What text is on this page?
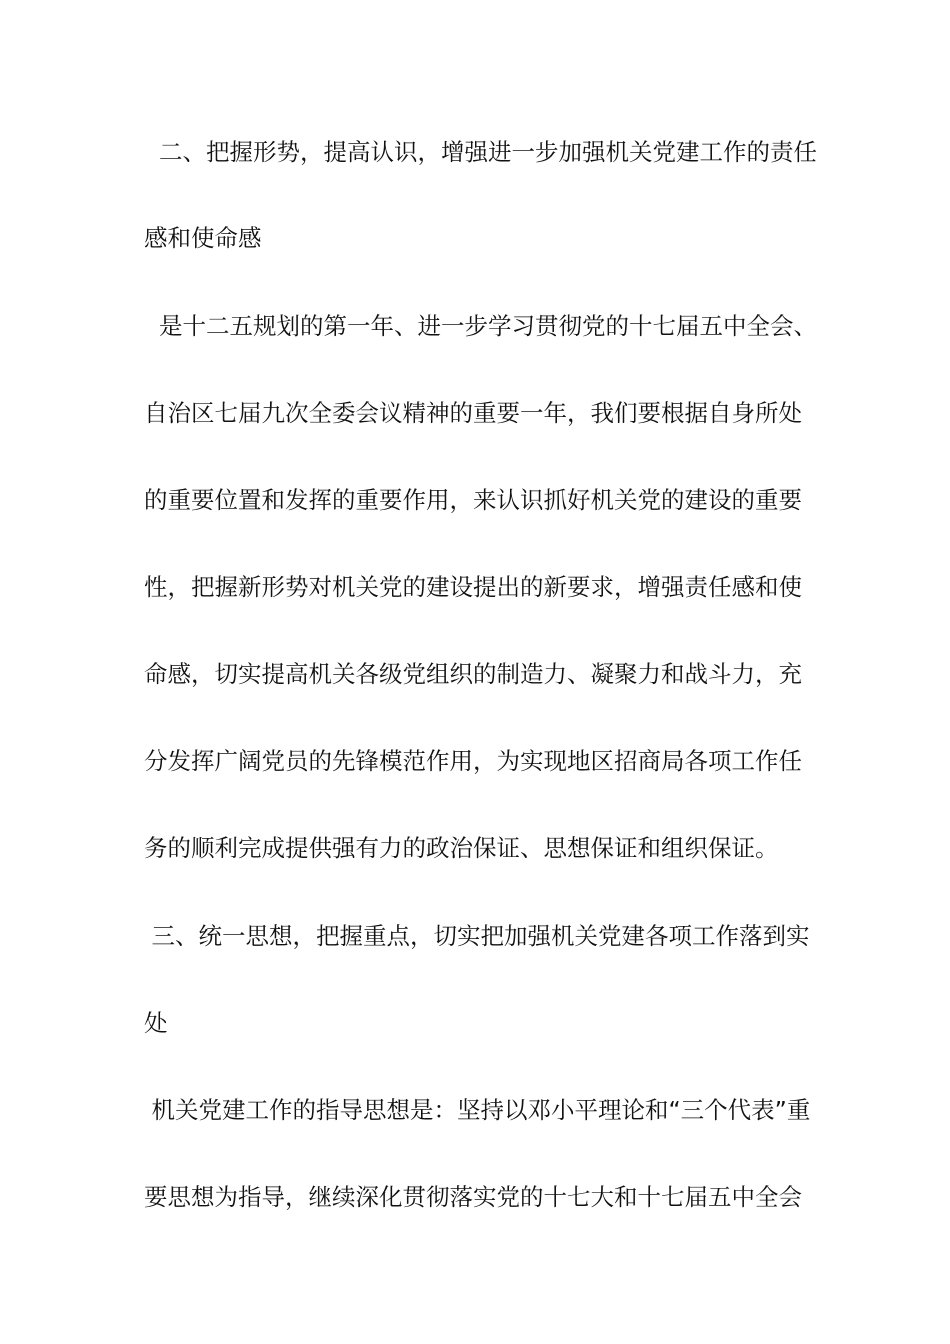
二、把握形势，提高认识，增强进一步加强机关党建工作的责任
感和使命感
是十二五规划的第一年、进一步学习贯彻党的十七届五中全会、
自治区七届九次全委会议精神的重要一年，我们要根据自身所处
的重要位置和发挥的重要作用，来认识抓好机关党的建设的重要
性，把握新形势对机关党的建设提出的新要求，增强责任感和使
命感，切实提高机关各级党组织的制造力、凝聚力和战斗力，充
分发挥广阔党员的先锋模范作用，为实现地区招商局各项工作任
务的顺利完成提供强有力的政治保证、思想保证和组织保证。
三、统一思想，把握重点，切实把加强机关党建各项工作落到实
处
机关党建工作的指导思想是：坚持以邓小平理论和“三个代表”重
要思想为指导，继续深化贯彻落实党的十七大和十七届五中全会
